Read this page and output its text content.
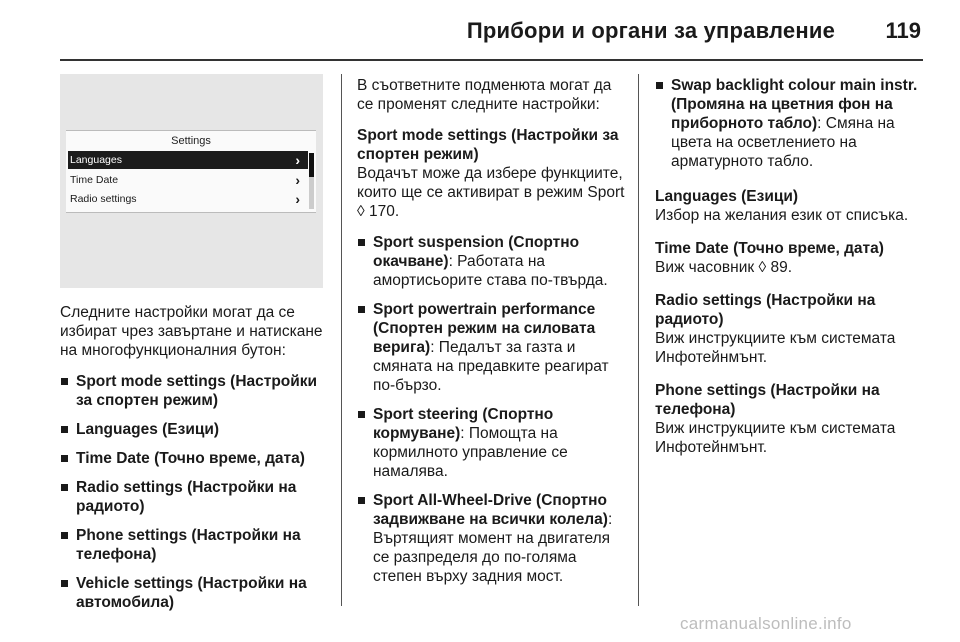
Прибори и органи за управление 119
Settings
Languages	›
Time Date	›
Radio settings	›

Следните настройки могат да се избират чрез завъртане и натискане на многофункционалния бутон:

Sport mode settings (Настройки за спортен режим)
Languages (Езици)
Time Date (Точно време, дата)
Radio settings (Настройки на радиото)
Phone settings (Настройки на телефона)
Vehicle settings (Настройки на автомобила)

В съответните подменюта могат да се променят следните настройки:

Sport mode settings (Настройки за спортен режим)

Водачът може да избере функциите, които ще се активират в режим Sport ◊ 170.

Sport suspension (Спортно окачване): Работата на амортисьорите става по-твърда.
Sport powertrain performance (Спортен режим на силовата верига): Педалът за газта и смяната на предавките реагират по-бързо.
Sport steering (Спортно кормуване): Помощта на кормилното управление се намалява.
Sport All-Wheel-Drive (Спортно задвижване на всички колела): Въртящият момент на двигателя се разпределя до по-голяма степен върху задния мост.
Swap backlight colour main instr. (Промяна на цветния фон на приборното табло): Смяна на цвета на осветлението на арматурното табло.
Languages (Езици)
Избор на желания език от списъка.
Time Date (Точно време, дата)
Виж часовник ◊ 89.
Radio settings (Настройки на радиото)
Виж инструкциите към системата Инфотейнмънт.
Phone settings (Настройки на телефона)
Виж инструкциите към системата Инфотейнмънт.
carmanualsonline.info
